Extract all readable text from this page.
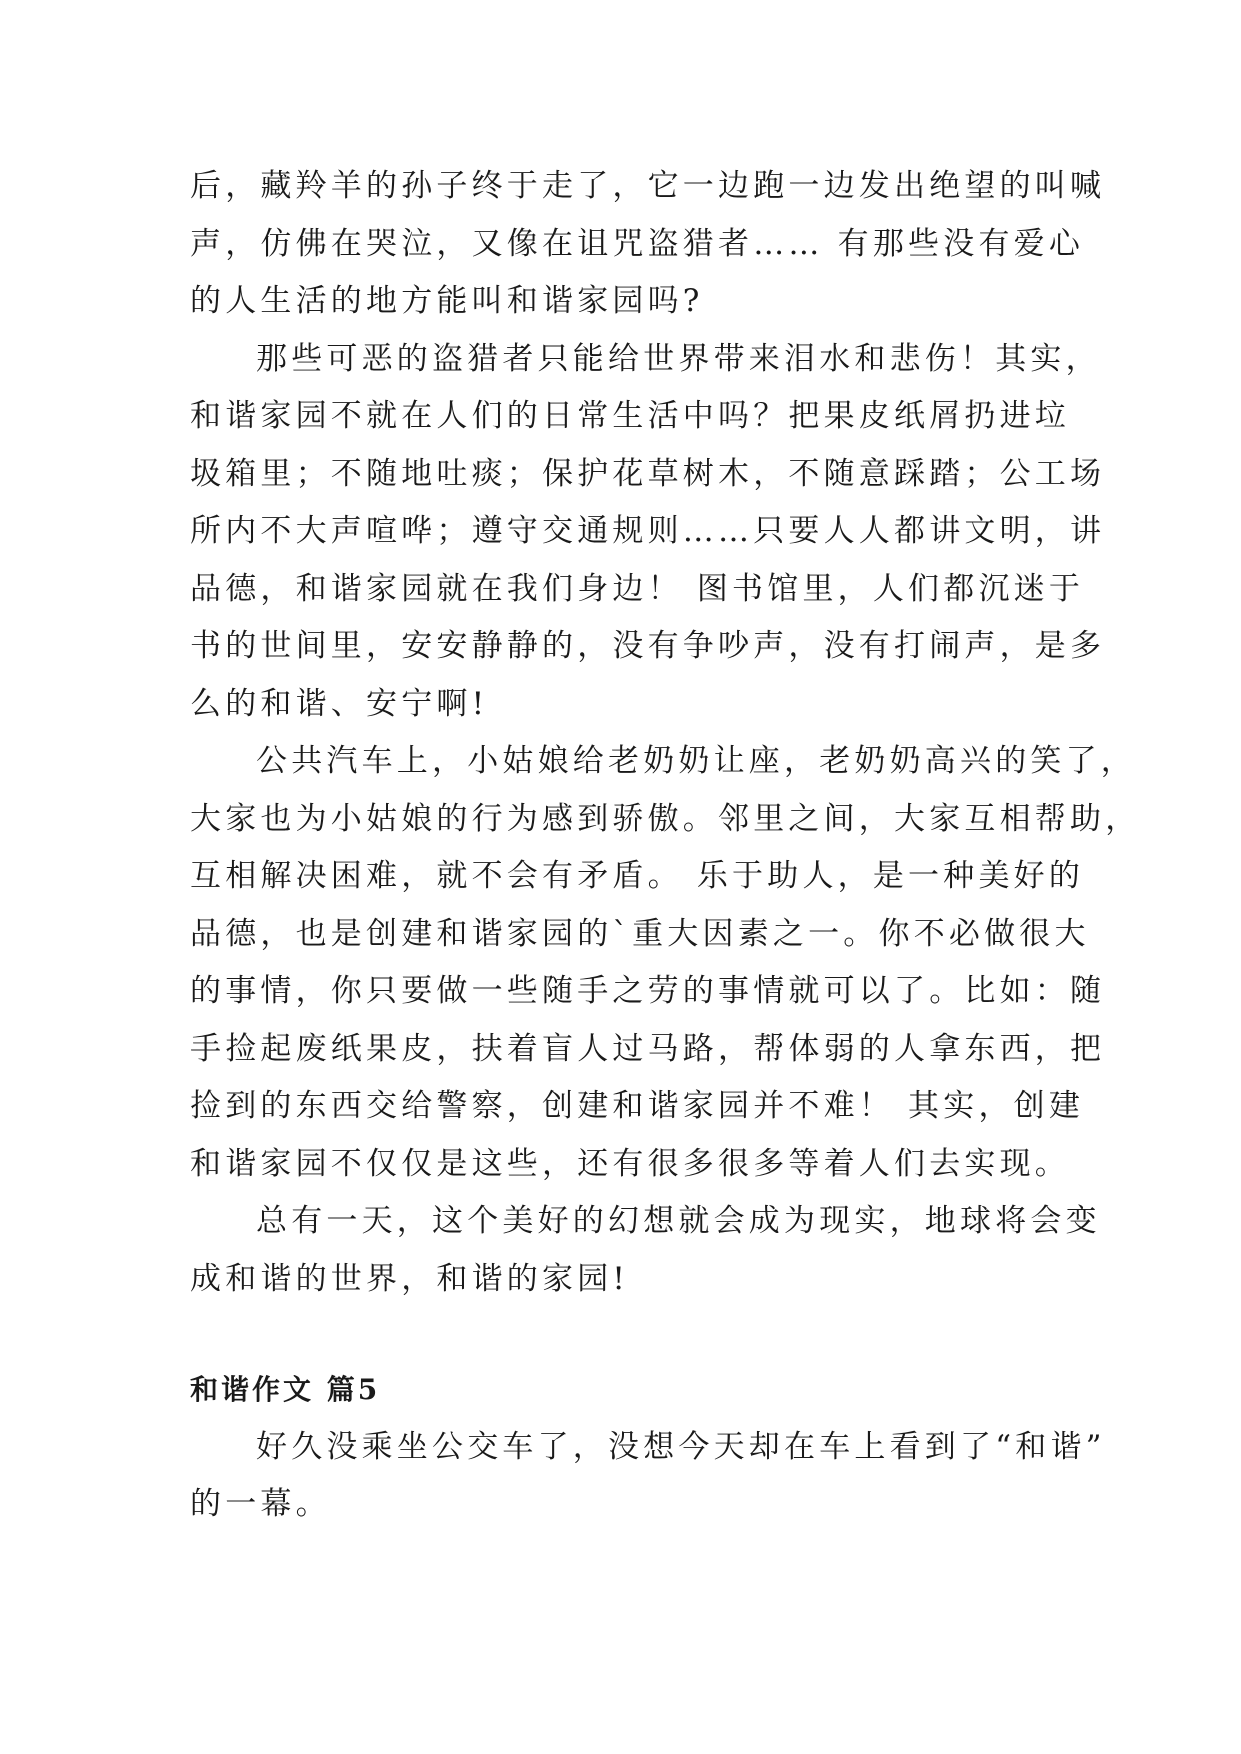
后，藏羚羊的孙子终于走了，它一边跑一边发出绝望的叫喊
声，仿佛在哭泣，又像在诅咒盗猎者…… 有那些没有爱心
的人生活的地方能叫和谐家园吗?

那些可恶的盗猎者只能给世界带来泪水和悲伤！其实，
和谐家园不就在人们的日常生活中吗？把果皮纸屑扔进垃
圾箱里；不随地吐痰；保护花草树木，不随意踩踏；公工场
所内不大声喧哗；遵守交通规则……只要人人都讲文明，讲
品德，和谐家园就在我们身边！ 图书馆里，人们都沉迷于
书的世间里，安安静静的，没有争吵声，没有打闹声，是多
么的和谐、安宁啊!

公共汽车上，小姑娘给老奶奶让座，老奶奶高兴的笑了，
大家也为小姑娘的行为感到骄傲。邻里之间，大家互相帮助，
互相解决困难，就不会有矛盾。 乐于助人，是一种美好的
品德，也是创建和谐家园的`重大因素之一。你不必做很大
的事情，你只要做一些随手之劳的事情就可以了。比如：随
手捡起废纸果皮，扶着盲人过马路，帮体弱的人拿东西，把
捡到的东西交给警察，创建和谐家园并不难！ 其实，创建
和谐家园不仅仅是这些，还有很多很多等着人们去实现。

总有一天，这个美好的幻想就会成为现实，地球将会变
成和谐的世界，和谐的家园!

和谐作文 篇5

好久没乘坐公交车了，没想今天却在车上看到了“和谐”
的一幕。
